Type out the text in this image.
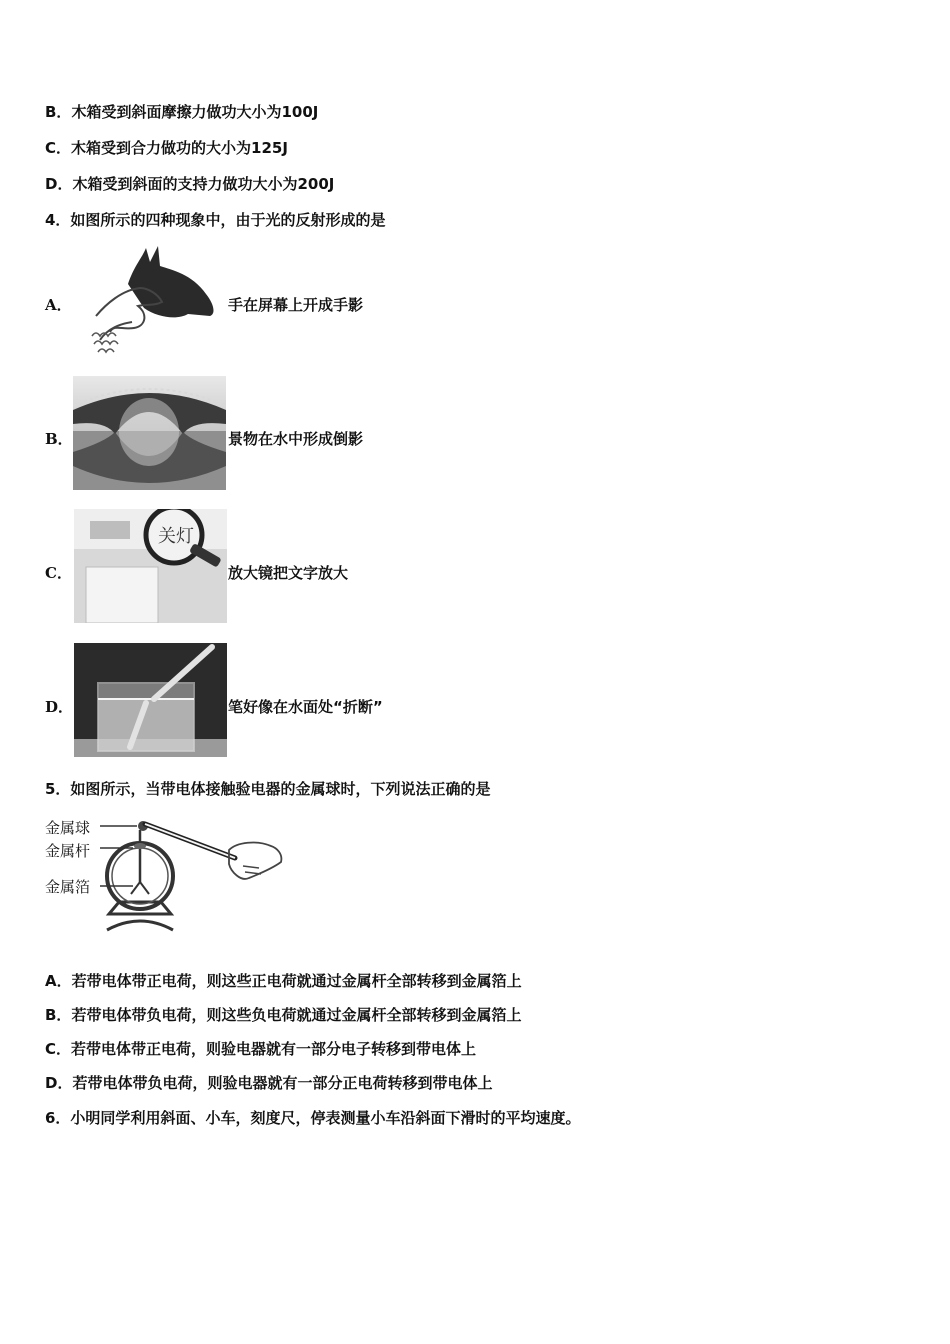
B．木箱受到斜面摩擦力做功大小为100J
C．木箱受到合力做功的大小为125J
D．木箱受到斜面的支持力做功大小为200J
4．如图所示的四种现象中，由于光的反射形成的是
A．	手在屏幕上开成手影
B．	景物在水中形成倒影
C．
关灯
放大镜把文字放大
D．	笔好像在水面处“折断”
5．如图所示，当带电体接触验电器的金属球时，下列说法正确的是
金属球
金属杆
金属箔
A．若带电体带正电荷，则这些正电荷就通过金属杆全部转移到金属箔上
B．若带电体带负电荷，则这些负电荷就通过金属杆全部转移到金属箔上
C．若带电体带正电荷，则验电器就有一部分电子转移到带电体上
D．若带电体带负电荷，则验电器就有一部分正电荷转移到带电体上
6．小明同学利用斜面、小车，刻度尺，停表测量小车沿斜面下滑时的平均速度。
